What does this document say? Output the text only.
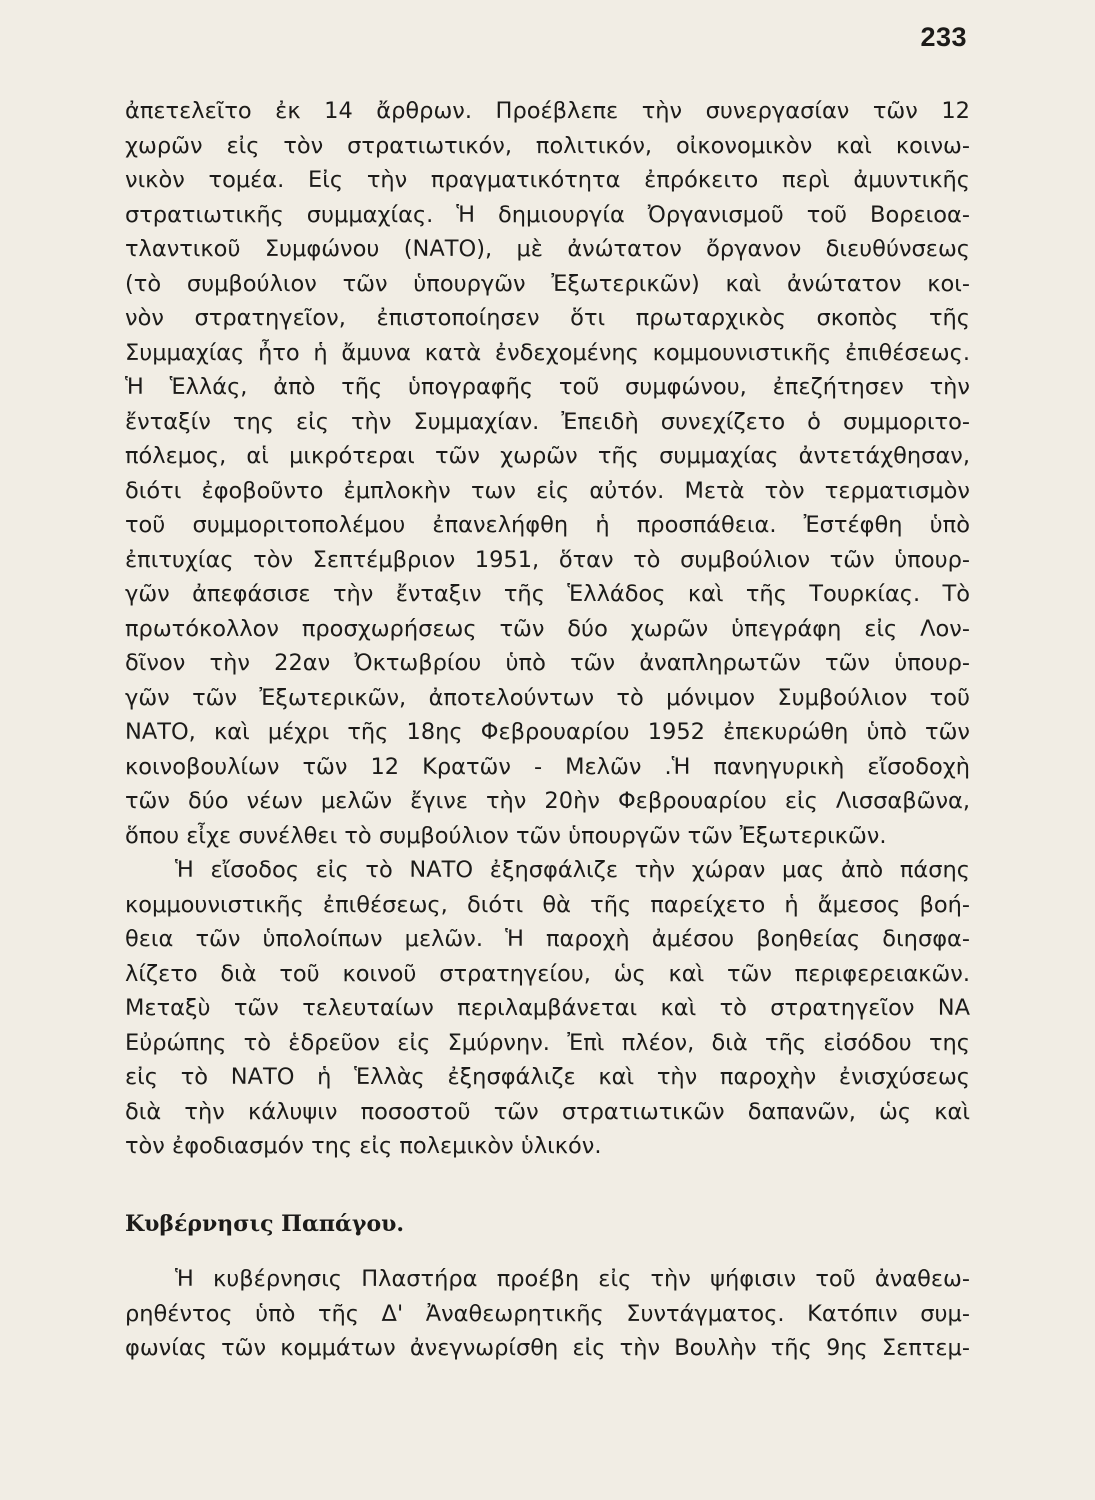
233
ἀπετελεῖτο ἐκ 14 ἄρθρων. Προέβλεπε τὴν συνεργασίαν τῶν 12
χωρῶν εἰς τὸν στρατιωτικόν, πολιτικόν, οἰκονομικὸν καὶ κοινω-
νικὸν τομέα. Εἰς τὴν πραγματικότητα ἐπρόκειτο περὶ ἀμυντικῆς
στρατιωτικῆς συμμαχίας. Ἡ δημιουργία Ὀργανισμοῦ τοῦ Βορειοα-
τλαντικοῦ Συμφώνου (ΝΑΤΟ), μὲ ἀνώτατον ὄργανον διευθύνσεως
(τὸ συμβούλιον τῶν ὑπουργῶν Ἐξωτερικῶν) καὶ ἀνώτατον κοι-
νὸν στρατηγεῖον, ἐπιστοποίησεν ὅτι πρωταρχικὸς σκοπὸς τῆς
Συμμαχίας ἦτο ἡ ἄμυνα κατὰ ἐνδεχομένης κομμουνιστικῆς ἐπιθέσεως.
Ἡ Ἑλλάς, ἀπὸ τῆς ὑπογραφῆς τοῦ συμφώνου, ἐπεζήτησεν τὴν
ἔνταξίν της εἰς τὴν Συμμαχίαν. Ἐπειδὴ συνεχίζετο ὁ συμμοριτο-
πόλεμος, αἱ μικρότεραι τῶν χωρῶν τῆς συμμαχίας ἀντετάχθησαν,
διότι ἐφοβοῦντο ἐμπλοκὴν των εἰς αὐτόν. Μετὰ τὸν τερματισμὸν
τοῦ συμμοριτοπολέμου ἐπανελήφθη ἡ προσπάθεια. Ἐστέφθη ὑπὸ
ἐπιτυχίας τὸν Σεπτέμβριον 1951, ὅταν τὸ συμβούλιον τῶν ὑπουρ-
γῶν ἀπεφάσισε τὴν ἔνταξιν τῆς Ἑλλάδος καὶ τῆς Τουρκίας. Τὸ
πρωτόκολλον προσχωρήσεως τῶν δύο χωρῶν ὑπεγράφη εἰς Λον-
δῖνον τὴν 22αν Ὀκτωβρίου ὑπὸ τῶν ἀναπληρωτῶν τῶν ὑπουρ-
γῶν τῶν Ἐξωτερικῶν, ἀποτελούντων τὸ μόνιμον Συμβούλιον τοῦ
ΝΑΤΟ, καὶ μέχρι τῆς 18ης Φεβρουαρίου 1952 ἐπεκυρώθη ὑπὸ τῶν
κοινοβουλίων τῶν 12 Κρατῶν - Μελῶν .Ἡ πανηγυρικὴ εἴσοδοχὴ
τῶν δύο νέων μελῶν ἔγινε τὴν 20ὴν Φεβρουαρίου εἰς Λισσαβῶνα,
ὅπου εἶχε συνέλθει τὸ συμβούλιον τῶν ὑπουργῶν τῶν Ἐξωτερικῶν.
Ἡ εἴσοδος εἰς τὸ ΝΑΤΟ ἐξησφάλιζε τὴν χώραν μας ἀπὸ πάσης
κομμουνιστικῆς ἐπιθέσεως, διότι θὰ τῆς παρείχετο ἡ ἄμεσος βοή-
θεια τῶν ὑπολοίπων μελῶν. Ἡ παροχὴ ἀμέσου βοηθείας διησφα-
λίζετο διὰ τοῦ κοινοῦ στρατηγείου, ὡς καὶ τῶν περιφερειακῶν.
Μεταξὺ τῶν τελευταίων περιλαμβάνεται καὶ τὸ στρατηγεῖον ΝΑ
Εὐρώπης τὸ ἑδρεῦον εἰς Σμύρνην. Ἐπὶ πλέον, διὰ τῆς εἰσόδου της
εἰς τὸ ΝΑΤΟ ἡ Ἑλλὰς ἐξησφάλιζε καὶ τὴν παροχὴν ἐνισχύσεως
διὰ τὴν κάλυψιν ποσοστοῦ τῶν στρατιωτικῶν δαπανῶν, ὡς καὶ
τὸν ἐφοδιασμόν της εἰς πολεμικὸν ὑλικόν.
Κυβέρνησις Παπάγου.
Ἡ κυβέρνησις Πλαστήρα προέβη εἰς τὴν ψήφισιν τοῦ ἀναθεω-
ρηθέντος ὑπὸ τῆς Δ' Ἀναθεωρητικῆς Συντάγματος. Κατόπιν συμ-
φωνίας τῶν κομμάτων ἀνεγνωρίσθη εἰς τὴν Βουλὴν τῆς 9ης Σεπτεμ-
